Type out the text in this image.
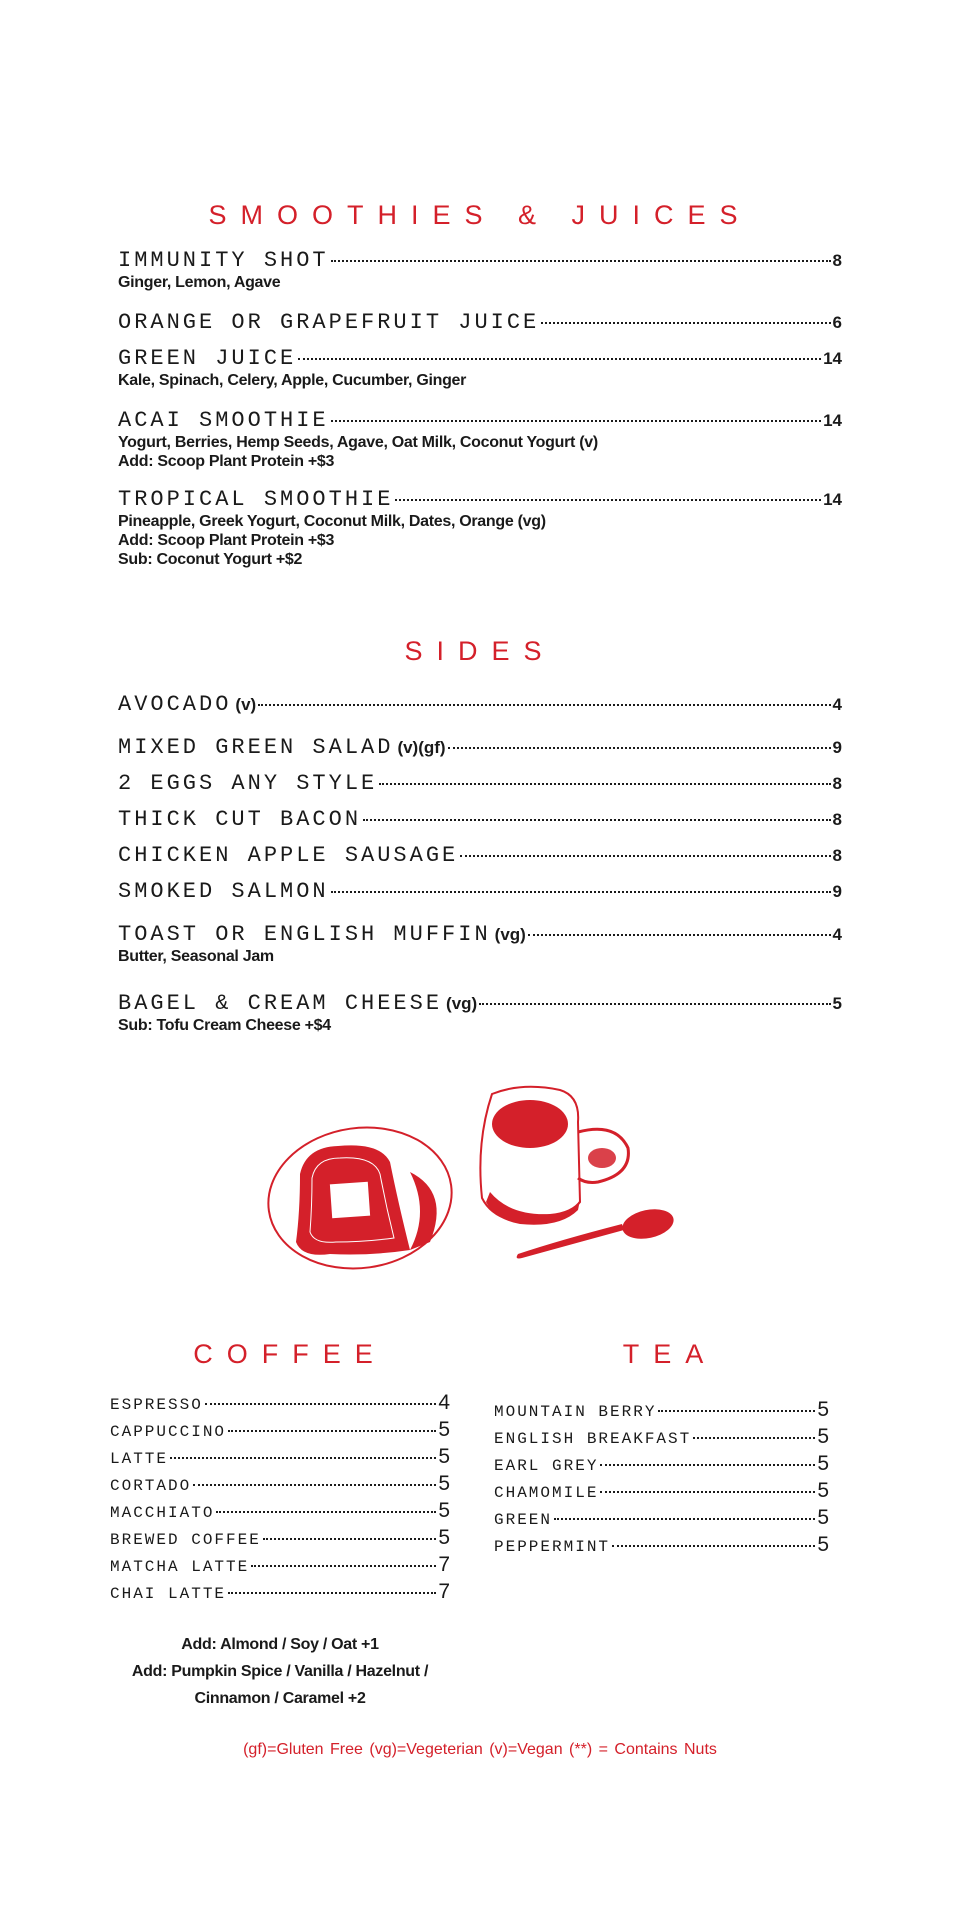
SMOOTHIES & JUICES
IMMUNITY SHOT	8
Ginger, Lemon, Agave
ORANGE OR GRAPEFRUIT JUICE	6
GREEN JUICE	14
Kale, Spinach, Celery, Apple, Cucumber, Ginger
ACAI SMOOTHIE	14
Yogurt, Berries, Hemp Seeds, Agave, Oat Milk, Coconut Yogurt (v)
Add: Scoop Plant Protein +$3
TROPICAL SMOOTHIE	14
Pineapple, Greek Yogurt, Coconut Milk, Dates, Orange (vg)
Add: Scoop Plant Protein +$3
Sub: Coconut Yogurt +$2
SIDES
AVOCADO (v)	4
MIXED GREEN SALAD (v)(gf)	9
2 EGGS ANY STYLE	8
THICK CUT BACON	8
CHICKEN APPLE SAUSAGE	8
SMOKED SALMON	9
TOAST OR ENGLISH MUFFIN (vg)	4
Butter, Seasonal Jam
BAGEL & CREAM CHEESE (vg)	5
Sub: Tofu Cream Cheese +$4
COFFEE	TEA
ESPRESSO	4
CAPPUCCINO	5
LATTE	5
CORTADO	5
MACCHIATO	5
BREWED COFFEE	5
MATCHA LATTE	7
CHAI LATTE	7
MOUNTAIN BERRY	5
ENGLISH BREAKFAST	5
EARL GREY	5
CHAMOMILE	5
GREEN	5
PEPPERMINT	5
Add: Almond / Soy / Oat +1
Add: Pumpkin Spice / Vanilla / Hazelnut /
Cinnamon / Caramel +2
(gf)=Gluten Free (vg)=Vegeterian (v)=Vegan (**) = Contains Nuts
